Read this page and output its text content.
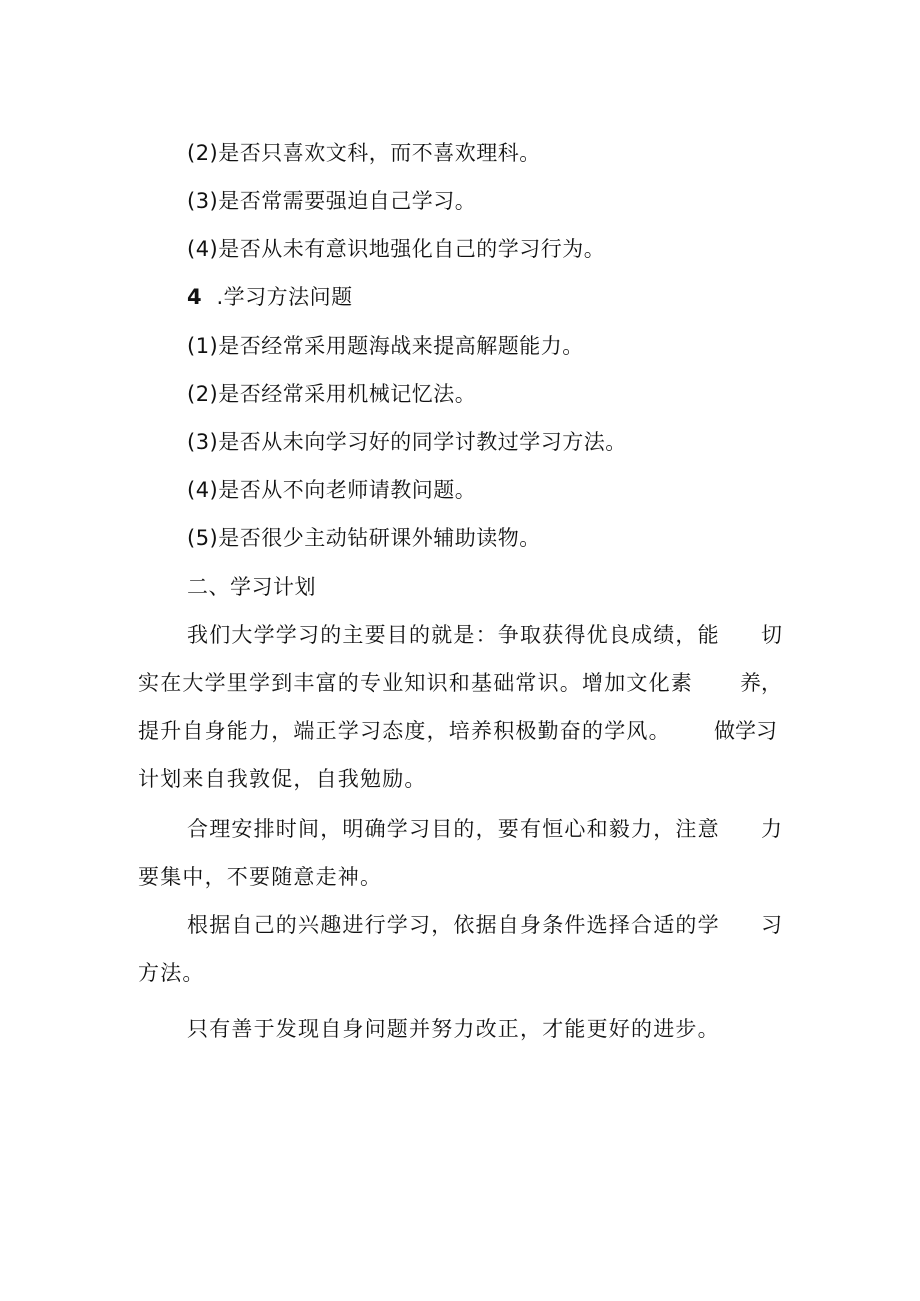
(2)是否只喜欢文科，而不喜欢理科。
(3)是否常需要强迫自己学习。
(4)是否从未有意识地强化自己的学习行为。
4 .学习方法问题
(1)是否经常采用题海战来提高解题能力。
(2)是否经常采用机械记忆法。
(3)是否从未向学习好的同学讨教过学习方法。
(4)是否从不向老师请教问题。
(5)是否很少主动钻研课外辅助读物。
二、学习计划
我们大学学习的主要目的就是：争取获得优良成绩，能 切
实在大学里学到丰富的专业知识和基础常识。增加文化素 养，
提升自身能力，端正学习态度，培养积极勤奋的学风。 做学习
计划来自我敦促，自我勉励。
合理安排时间，明确学习目的，要有恒心和毅力，注意 力
要集中，不要随意走神。
根据自己的兴趣进行学习，依据自身条件选择合适的学 习
方法。
只有善于发现自身问题并努力改正，才能更好的进步。
